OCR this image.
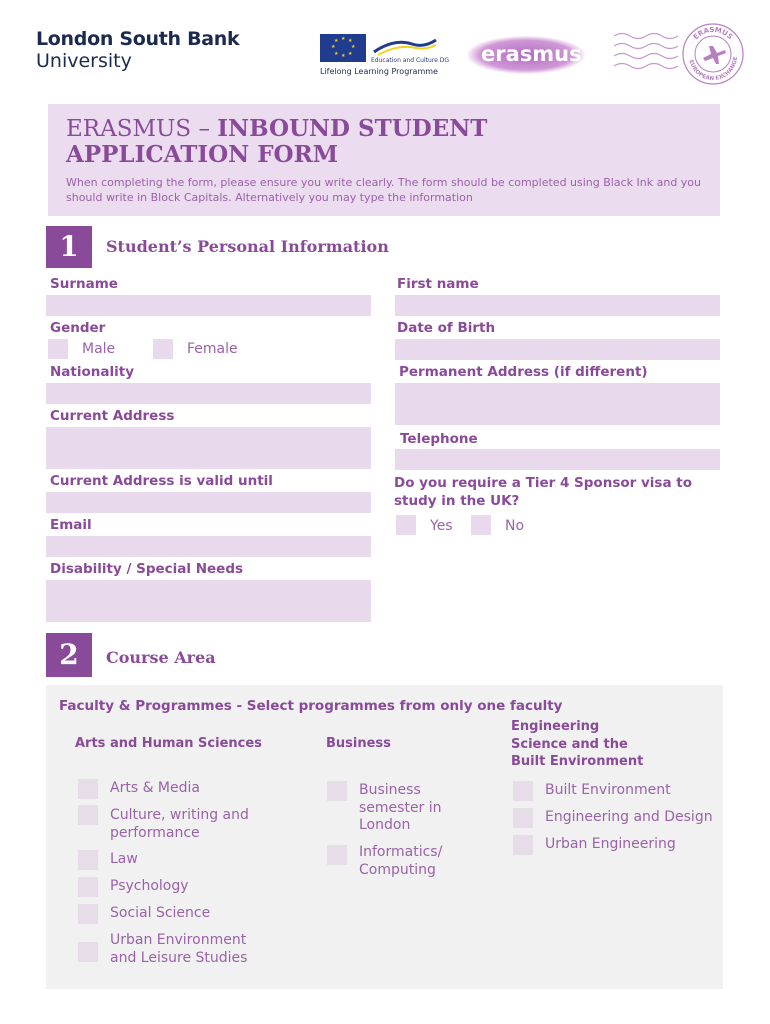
London South Bank
University
★ ★
★
★
★
★
★
★
Education and Culture DG
Lifelong Learning Programme
erasmus
ERASMUS
EUROPEAN EXCHANGE
ERASMUS – INBOUND STUDENT
APPLICATION FORM
When completing the form, please ensure you write clearly. The form should be completed using Black Ink and you should write in Block Capitals. Alternatively you may type the information
1	Student’s Personal Information
Surname
Gender
Male	Female
Nationality
Current Address
Current Address is valid until
Email
Disability / Special Needs
First name
Date of Birth
Permanent Address (if different)
Telephone
Do you require a Tier 4 Sponsor visa to study in the UK?
Yes	No
2	Course Area
Faculty & Programmes - Select programmes from only one faculty
Arts and Human Sciences
Arts & Media
Culture, writing and performance
Law
Psychology
Social Science
Urban Environment and Leisure Studies
Business
Business semester in London
Informatics/ Computing
Engineering Science and the Built Environment
Built Environment
Engineering and Design
Urban Engineering
